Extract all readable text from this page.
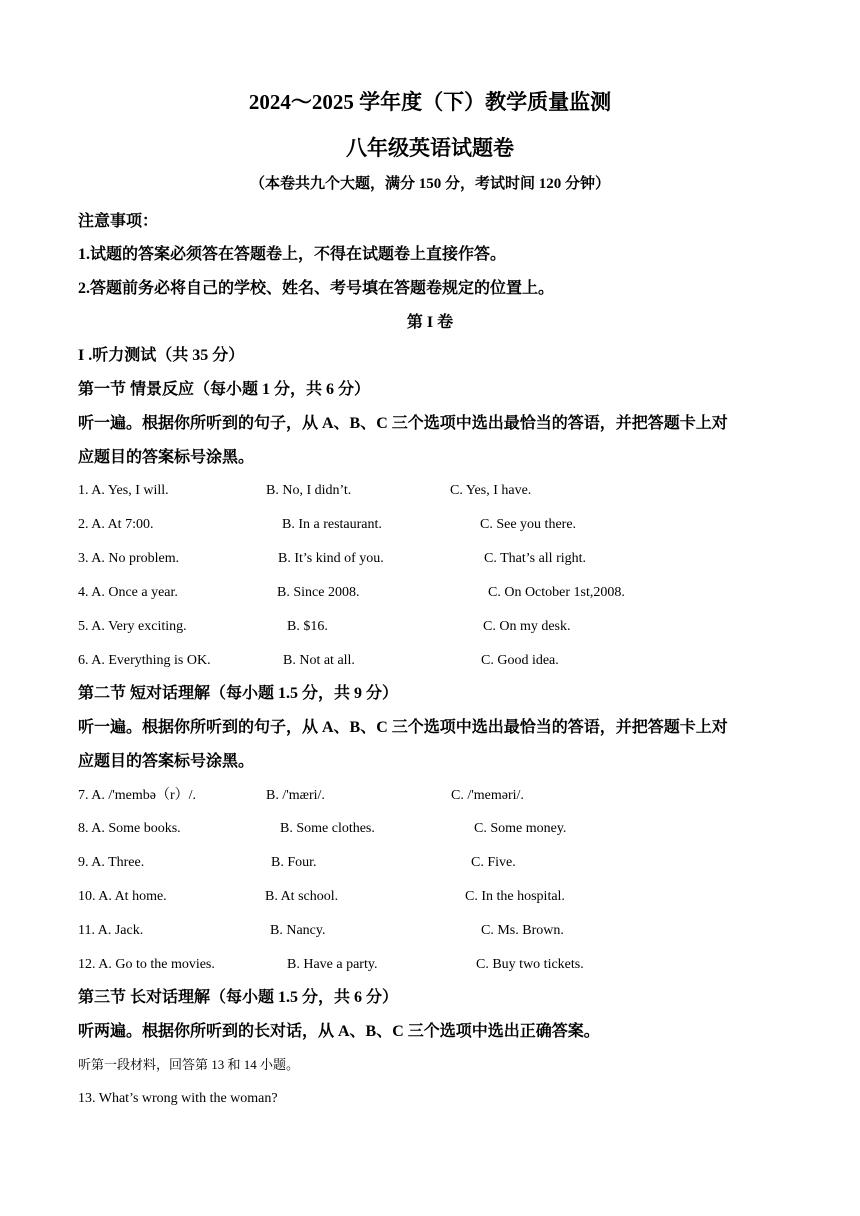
2024～2025 学年度（下）教学质量监测
八年级英语试题卷
（本卷共九个大题，满分 150 分，考试时间 120 分钟）
注意事项：
1.试题的答案必须答在答题卷上，不得在试题卷上直接作答。
2.答题前务必将自己的学校、姓名、考号填在答题卷规定的位置上。
第 I 卷
I .听力测试（共 35 分）
第一节 情景反应（每小题 1 分，共 6 分）
听一遍。根据你所听到的句子，从 A、B、C 三个选项中选出最恰当的答语，并把答题卡上对
应题目的答案标号涂黑。
1. A. Yes, I will.	B. No, I didn’t.	C. Yes, I have.
2. A. At 7:00.	B. In a restaurant.	C. See you there.
3. A. No problem.	B. It’s kind of you.	C. That’s all right.
4. A. Once a year.	B. Since 2008.	C. On October 1st,2008.
5. A. Very exciting.	B. $16.	C. On my desk.
6. A. Everything is OK.	B. Not at all.	C. Good idea.
第二节 短对话理解（每小题 1.5 分，共 9 分）
听一遍。根据你所听到的句子，从 A、B、C 三个选项中选出最恰当的答语，并把答题卡上对
应题目的答案标号涂黑。
7. A. /'membə（r）/.	B. /'mæri/.	C. /'meməri/.
8. A. Some books.	B. Some clothes.	C. Some money.
9. A. Three.	B. Four.	C. Five.
10. A. At home.	B. At school.	C. In the hospital.
11. A. Jack.	B. Nancy.	C. Ms. Brown.
12. A. Go to the movies.	B. Have a party.	C. Buy two tickets.
第三节 长对话理解（每小题 1.5 分，共 6 分）
听两遍。根据你所听到的长对话，从 A、B、C 三个选项中选出正确答案。
听第一段材料，回答第 13 和 14 小题。
13. What’s wrong with the woman?
